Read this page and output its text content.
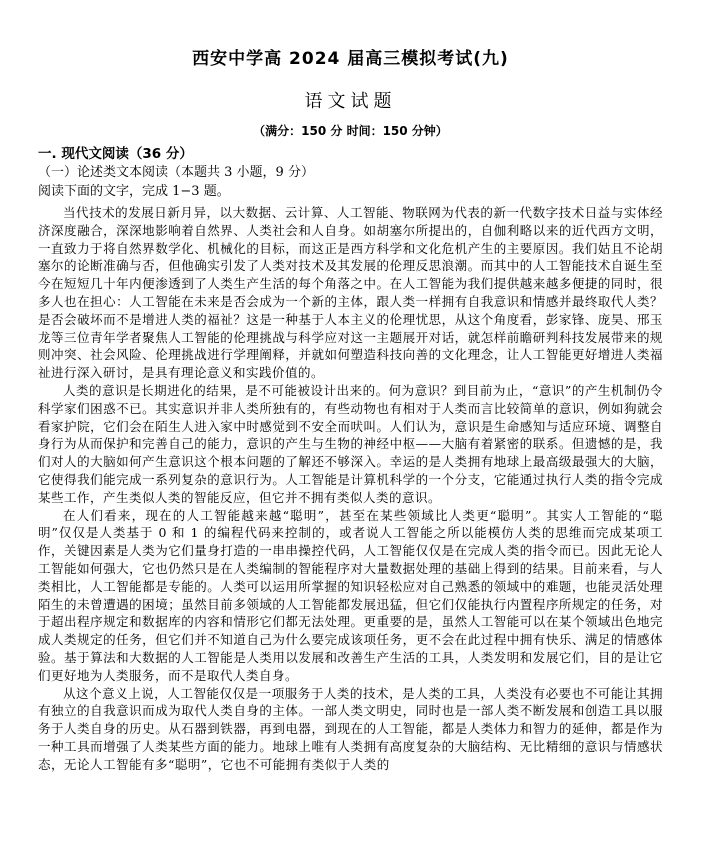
西安中学高 2024 届高三模拟考试(九)
语文试题
（满分：150 分 时间：150 分钟）
一. 现代文阅读（36 分）
（一）论述类文本阅读（本题共 3 小题，9 分）
阅读下面的文字，完成 1−3 题。

当代技术的发展日新月异，以大数据、云计算、人工智能、物联网为代表的新一代数字技术日益与实体经济深度融合，深深地影响着自然界、人类社会和人自身。如胡塞尔所提出的，自伽利略以来的近代西方文明，一直致力于将自然界数学化、机械化的目标，而这正是西方科学和文化危机产生的主要原因。我们姑且不论胡塞尔的论断准确与否，但他确实引发了人类对技术及其发展的伦理反思浪潮。而其中的人工智能技术自诞生至今在短短几十年内便渗透到了人类生产生活的每个角落之中。在人工智能为我们提供越来越多便捷的同时，很多人也在担心：人工智能在未来是否会成为一个新的主体，跟人类一样拥有自我意识和情感并最终取代人类？是否会破坏而不是增进人类的福祉？这是一种基于人本主义的伦理忧思，从这个角度看，彭家锋、庞昊、邢玉龙等三位青年学者聚焦人工智能的伦理挑战与科学应对这一主题展开对话，就怎样前瞻研判科技发展带来的规则冲突、社会风险、伦理挑战进行学理阐释，并就如何塑造科技向善的文化理念，让人工智能更好增进人类福祉进行深入研讨，是具有理论意义和实践价值的。

人类的意识是长期进化的结果，是不可能被设计出来的。何为意识？到目前为止，“意识”的产生机制仍令科学家们困惑不已。其实意识并非人类所独有的，有些动物也有相对于人类而言比较简单的意识，例如狗就会看家护院，它们会在陌生人进入家中时感觉到不安全而吠叫。人们认为，意识是生命感知与适应环境、调整自身行为从而保护和完善自己的能力，意识的产生与生物的神经中枢——大脑有着紧密的联系。但遗憾的是，我们对人的大脑如何产生意识这个根本问题的了解还不够深入。幸运的是人类拥有地球上最高级最强大的大脑，它使得我们能完成一系列复杂的意识行为。人工智能是计算机科学的一个分支，它能通过执行人类的指令完成某些工作，产生类似人类的智能反应，但它并不拥有类似人类的意识。

在人们看来，现在的人工智能越来越“聪明”，甚至在某些领域比人类更“聪明”。其实人工智能的“聪明”仅仅是人类基于 0 和 1 的编程代码来控制的，或者说人工智能之所以能模仿人类的思维而完成某项工作，关键因素是人类为它们量身打造的一串串操控代码，人工智能仅仅是在完成人类的指令而已。因此无论人工智能如何强大，它也仍然只是在人类编制的智能程序对大量数据处理的基础上得到的结果。目前来看，与人类相比，人工智能都是专能的。人类可以运用所掌握的知识轻松应对自己熟悉的领域中的难题，也能灵活处理陌生的未曾遭遇的困境；虽然目前多领域的人工智能都发展迅猛，但它们仅能执行内置程序所规定的任务，对于超出程序规定和数据库的内容和情形它们都无法处理。更重要的是，虽然人工智能可以在某个领域出色地完成人类规定的任务，但它们并不知道自己为什么要完成该项任务，更不会在此过程中拥有快乐、满足的情感体验。基于算法和大数据的人工智能是人类用以发展和改善生产生活的工具，人类发明和发展它们，目的是让它们更好地为人类服务，而不是取代人类自身。

从这个意义上说，人工智能仅仅是一项服务于人类的技术，是人类的工具，人类没有必要也不可能让其拥有独立的自我意识而成为取代人类自身的主体。一部人类文明史，同时也是一部人类不断发展和创造工具以服务于人类自身的历史。从石器到铁器，再到电器，到现在的人工智能，都是人类体力和智力的延伸，都是作为一种工具而增强了人类某些方面的能力。地球上唯有人类拥有高度复杂的大脑结构、无比精细的意识与情感状态，无论人工智能有多“聪明”，它也不可能拥有类似于人类的
